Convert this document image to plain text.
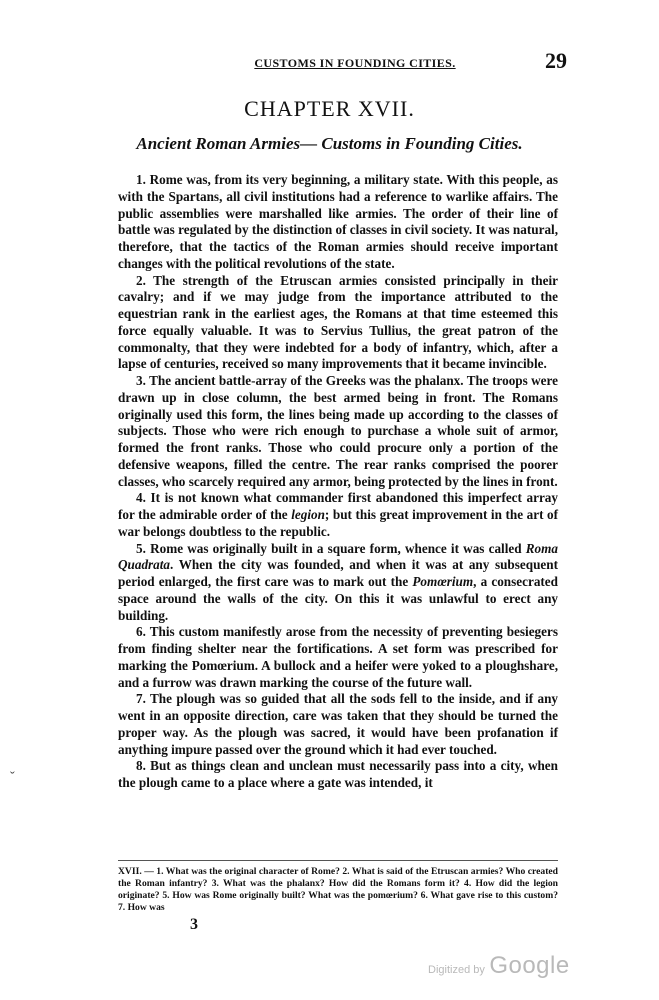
CUSTOMS IN FOUNDING CITIES.	29
CHAPTER XVII.
Ancient Roman Armies— Customs in Founding Cities.

1. Rome was, from its very beginning, a military state. With this people, as with the Spartans, all civil institutions had a reference to warlike affairs. The public assemblies were marshalled like armies. The order of their line of battle was regulated by the distinction of classes in civil society. It was natural, therefore, that the tactics of the Roman armies should receive important changes with the political revolutions of the state.

2. The strength of the Etruscan armies consisted principally in their cavalry; and if we may judge from the importance attributed to the equestrian rank in the earliest ages, the Romans at that time esteemed this force equally valuable. It was to Servius Tullius, the great patron of the commonalty, that they were indebted for a body of infantry, which, after a lapse of centuries, received so many improvements that it became invincible.

3. The ancient battle-array of the Greeks was the phalanx. The troops were drawn up in close column, the best armed being in front. The Romans originally used this form, the lines being made up according to the classes of subjects. Those who were rich enough to purchase a whole suit of armor, formed the front ranks. Those who could procure only a portion of the defensive weapons, filled the centre. The rear ranks comprised the poorer classes, who scarcely required any armor, being protected by the lines in front.

4. It is not known what commander first abandoned this imperfect array for the admirable order of the legion; but this great improvement in the art of war belongs doubtless to the republic.

5. Rome was originally built in a square form, whence it was called Roma Quadrata. When the city was founded, and when it was at any subsequent period enlarged, the first care was to mark out the Pomœrium, a consecrated space around the walls of the city. On this it was unlawful to erect any building.

6. This custom manifestly arose from the necessity of preventing besiegers from finding shelter near the fortifications. A set form was prescribed for marking the Pomœrium. A bullock and a heifer were yoked to a ploughshare, and a furrow was drawn marking the course of the future wall.

7. The plough was so guided that all the sods fell to the inside, and if any went in an opposite direction, care was taken that they should be turned the proper way. As the plough was sacred, it would have been profanation if anything impure passed over the ground which it had ever touched.

8. But as things clean and unclean must necessarily pass into a city, when the plough came to a place where a gate was intended, it

XVII. — 1. What was the original character of Rome? 2. What is said of the Etruscan armies? Who created the Roman infantry? 3. What was the phalanx? How did the Romans form it? 4. How did the legion originate? 5. How was Rome originally built? What was the pomœrium? 6. What gave rise to this custom? 7. How was

3
ˇ
Digitized by Google
